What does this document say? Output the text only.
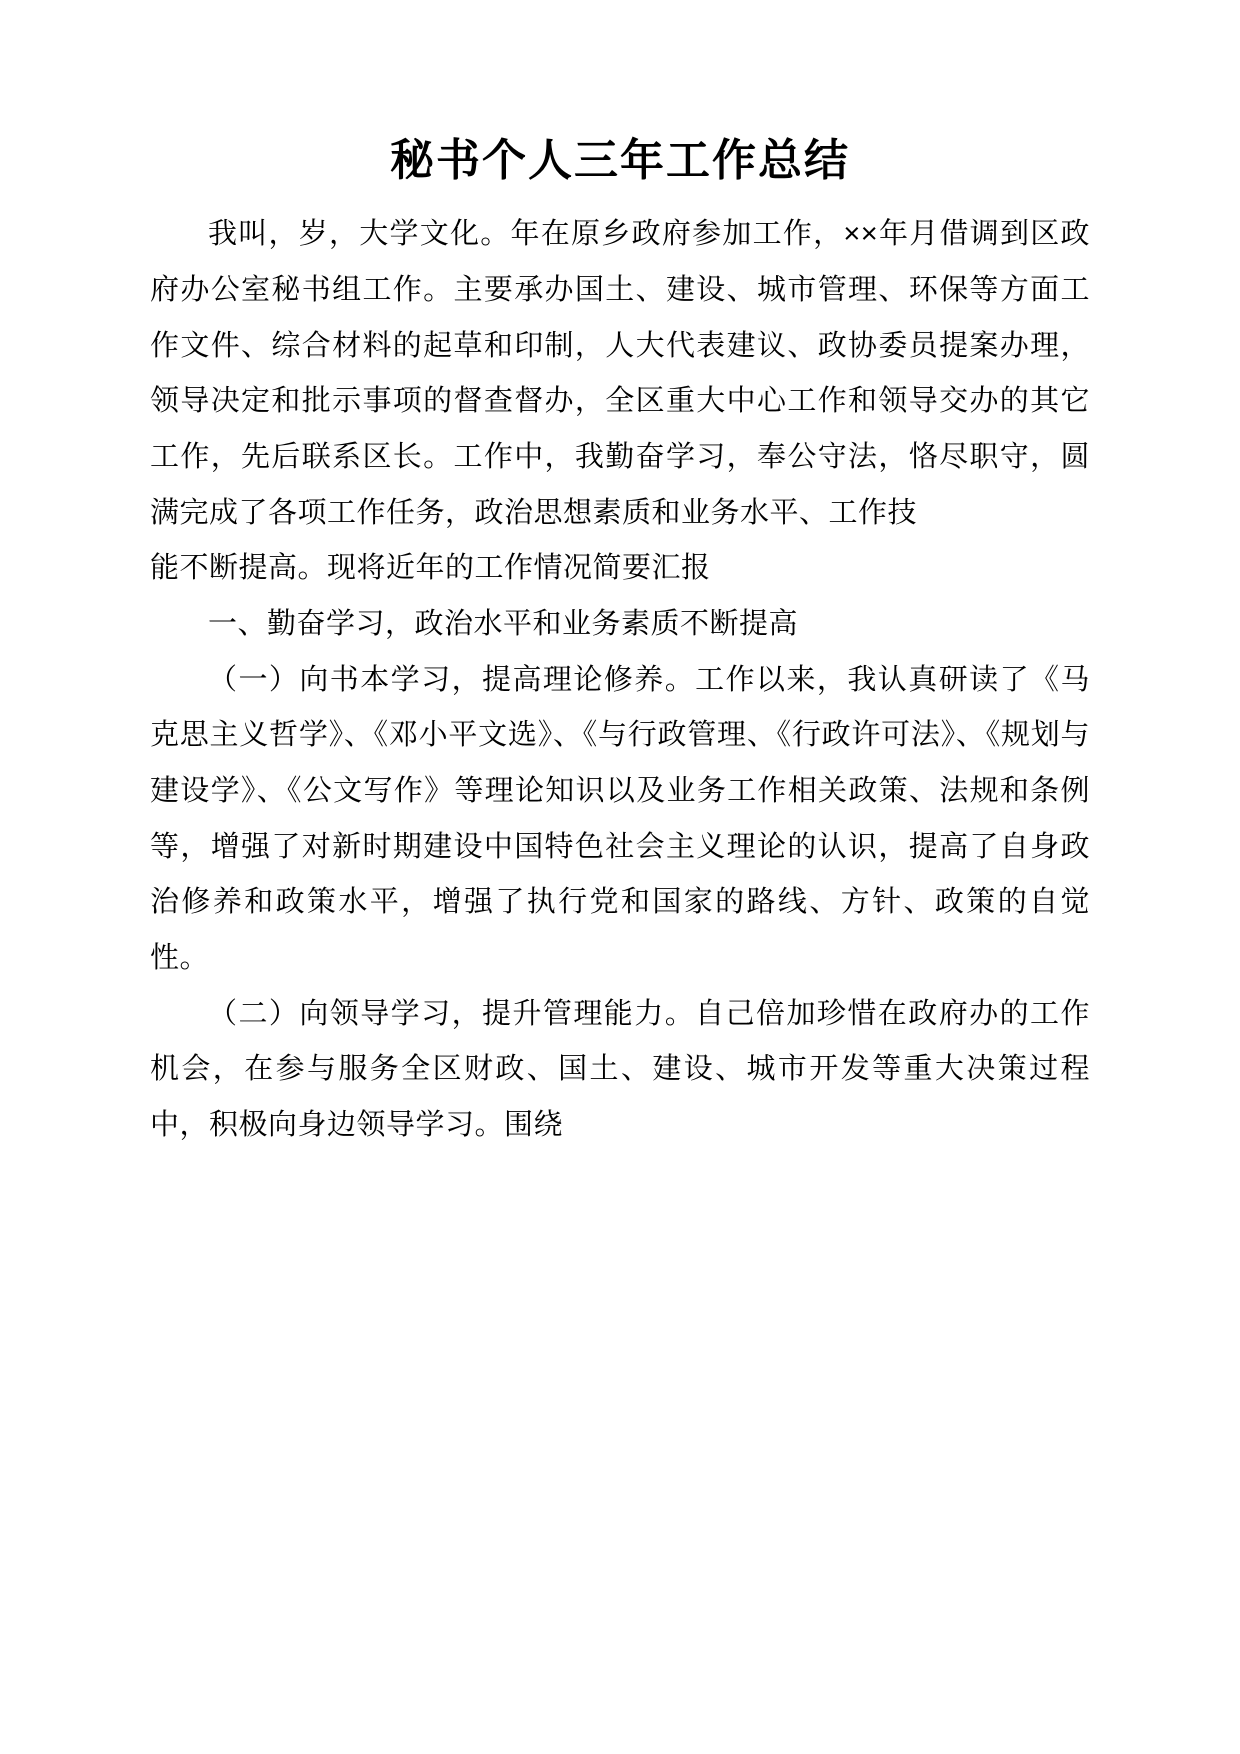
秘书个人三年工作总结

我叫，岁，大学文化。年在原乡政府参加工作，××年月借调到区政府办公室秘书组工作。主要承办国土、建设、城市管理、环保等方面工作文件、综合材料的起草和印制，人大代表建议、政协委员提案办理，领导决定和批示事项的督查督办，全区重大中心工作和领导交办的其它工作，先后联系区长。工作中，我勤奋学习，奉公守法，恪尽职守，圆满完成了各项工作任务，政治思想素质和业务水平、工作技

能不断提高。现将近年的工作情况简要汇报

一、勤奋学习，政治水平和业务素质不断提高

（一）向书本学习，提高理论修养。工作以来，我认真研读了《马克思主义哲学》、《邓小平文选》、《与行政管理、《行政许可法》、《规划与建设学》、《公文写作》等理论知识以及业务工作相关政策、法规和条例等，增强了对新时期建设中国特色社会主义理论的认识，提高了自身政治修养和政策水平，增强了执行党和国家的路线、方针、政策的自觉性。

（二）向领导学习，提升管理能力。自己倍加珍惜在政府办的工作机会，在参与服务全区财政、国土、建设、城市开发等重大决策过程中，积极向身边领导学习。围绕
